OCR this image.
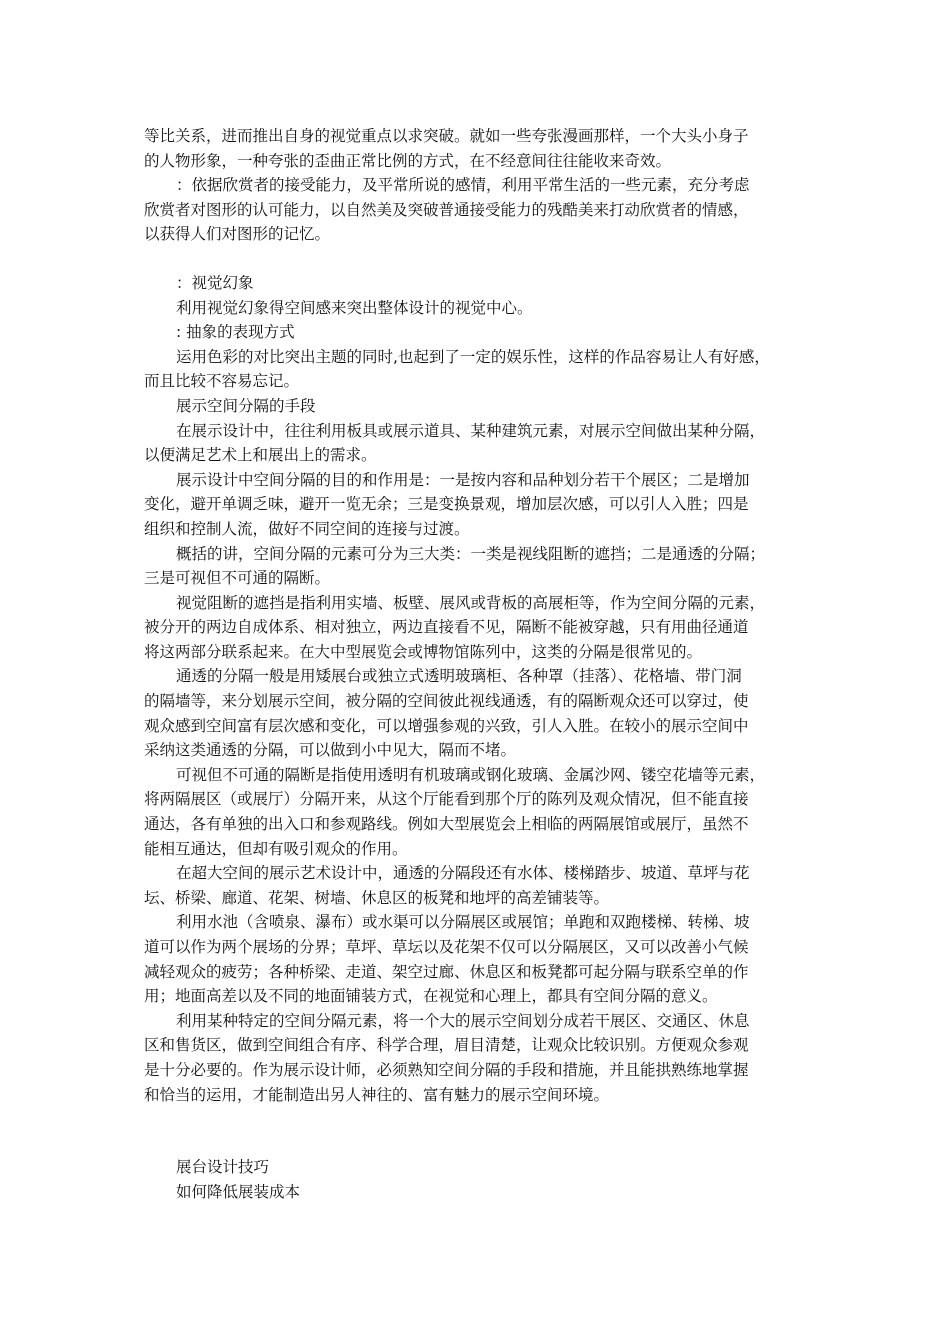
等比关系，进而推出自身的视觉重点以求突破。就如一些夸张漫画那样，一个大头小身子
的人物形象，一种夸张的歪曲正常比例的方式，在不经意间往往能收来奇效。

：依据欣赏者的接受能力，及平常所说的感情，利用平常生活的一些元素，充分考虑
欣赏者对图形的认可能力，以自然美及突破普通接受能力的残酷美来打动欣赏者的情感，
以获得人们对图形的记忆。

：视觉幻象

利用视觉幻象得空间感来突出整体设计的视觉中心。

: 抽象的表现方式

运用色彩的对比突出主题的同时,也起到了一定的娱乐性，这样的作品容易让人有好感，
而且比较不容易忘记。

展示空间分隔的手段

在展示设计中，往往利用板具或展示道具、某种建筑元素，对展示空间做出某种分隔，
以便满足艺术上和展出上的需求。

展示设计中空间分隔的目的和作用是：一是按内容和品种划分若干个展区；二是增加
变化，避开单调乏味，避开一览无余；三是变换景观，增加层次感，可以引人入胜；四是
组织和控制人流，做好不同空间的连接与过渡。

概括的讲，空间分隔的元素可分为三大类：一类是视线阻断的遮挡；二是通透的分隔；
三是可视但不可通的隔断。

视觉阻断的遮挡是指利用实墙、板壁、展风或背板的高展柜等，作为空间分隔的元素，
被分开的两边自成体系、相对独立，两边直接看不见，隔断不能被穿越，只有用曲径通道
将这两部分联系起来。在大中型展览会或博物馆陈列中，这类的分隔是很常见的。

通透的分隔一般是用矮展台或独立式透明玻璃柜、各种罩（挂落）、花格墙、带门洞
的隔墙等，来分划展示空间，被分隔的空间彼此视线通透，有的隔断观众还可以穿过，使
观众感到空间富有层次感和变化，可以增强参观的兴致，引人入胜。在较小的展示空间中
采纳这类通透的分隔，可以做到小中见大，隔而不堵。

可视但不可通的隔断是指使用透明有机玻璃或钢化玻璃、金属沙网、镂空花墙等元素，
将两隔展区（或展厅）分隔开来，从这个厅能看到那个厅的陈列及观众情况，但不能直接
通达，各有单独的出入口和参观路线。例如大型展览会上相临的两隔展馆或展厅，虽然不
能相互通达，但却有吸引观众的作用。

在超大空间的展示艺术设计中，通透的分隔段还有水体、楼梯踏步、坡道、草坪与花
坛、桥梁、廊道、花架、树墙、休息区的板凳和地坪的高差铺装等。

利用水池（含喷泉、瀑布）或水渠可以分隔展区或展馆；单跑和双跑楼梯、转梯、坡
道可以作为两个展场的分界；草坪、草坛以及花架不仅可以分隔展区，又可以改善小气候
减轻观众的疲劳；各种桥梁、走道、架空过廊、休息区和板凳都可起分隔与联系空单的作
用；地面高差以及不同的地面铺装方式，在视觉和心理上，都具有空间分隔的意义。

利用某种特定的空间分隔元素，将一个大的展示空间划分成若干展区、交通区、休息
区和售货区，做到空间组合有序、科学合理，眉目清楚，让观众比较识别。方便观众参观
是十分必要的。作为展示设计师，必须熟知空间分隔的手段和措施，并且能拱熟练地掌握
和恰当的运用，才能制造出另人神往的、富有魅力的展示空间环境。

展台设计技巧

如何降低展装成本
